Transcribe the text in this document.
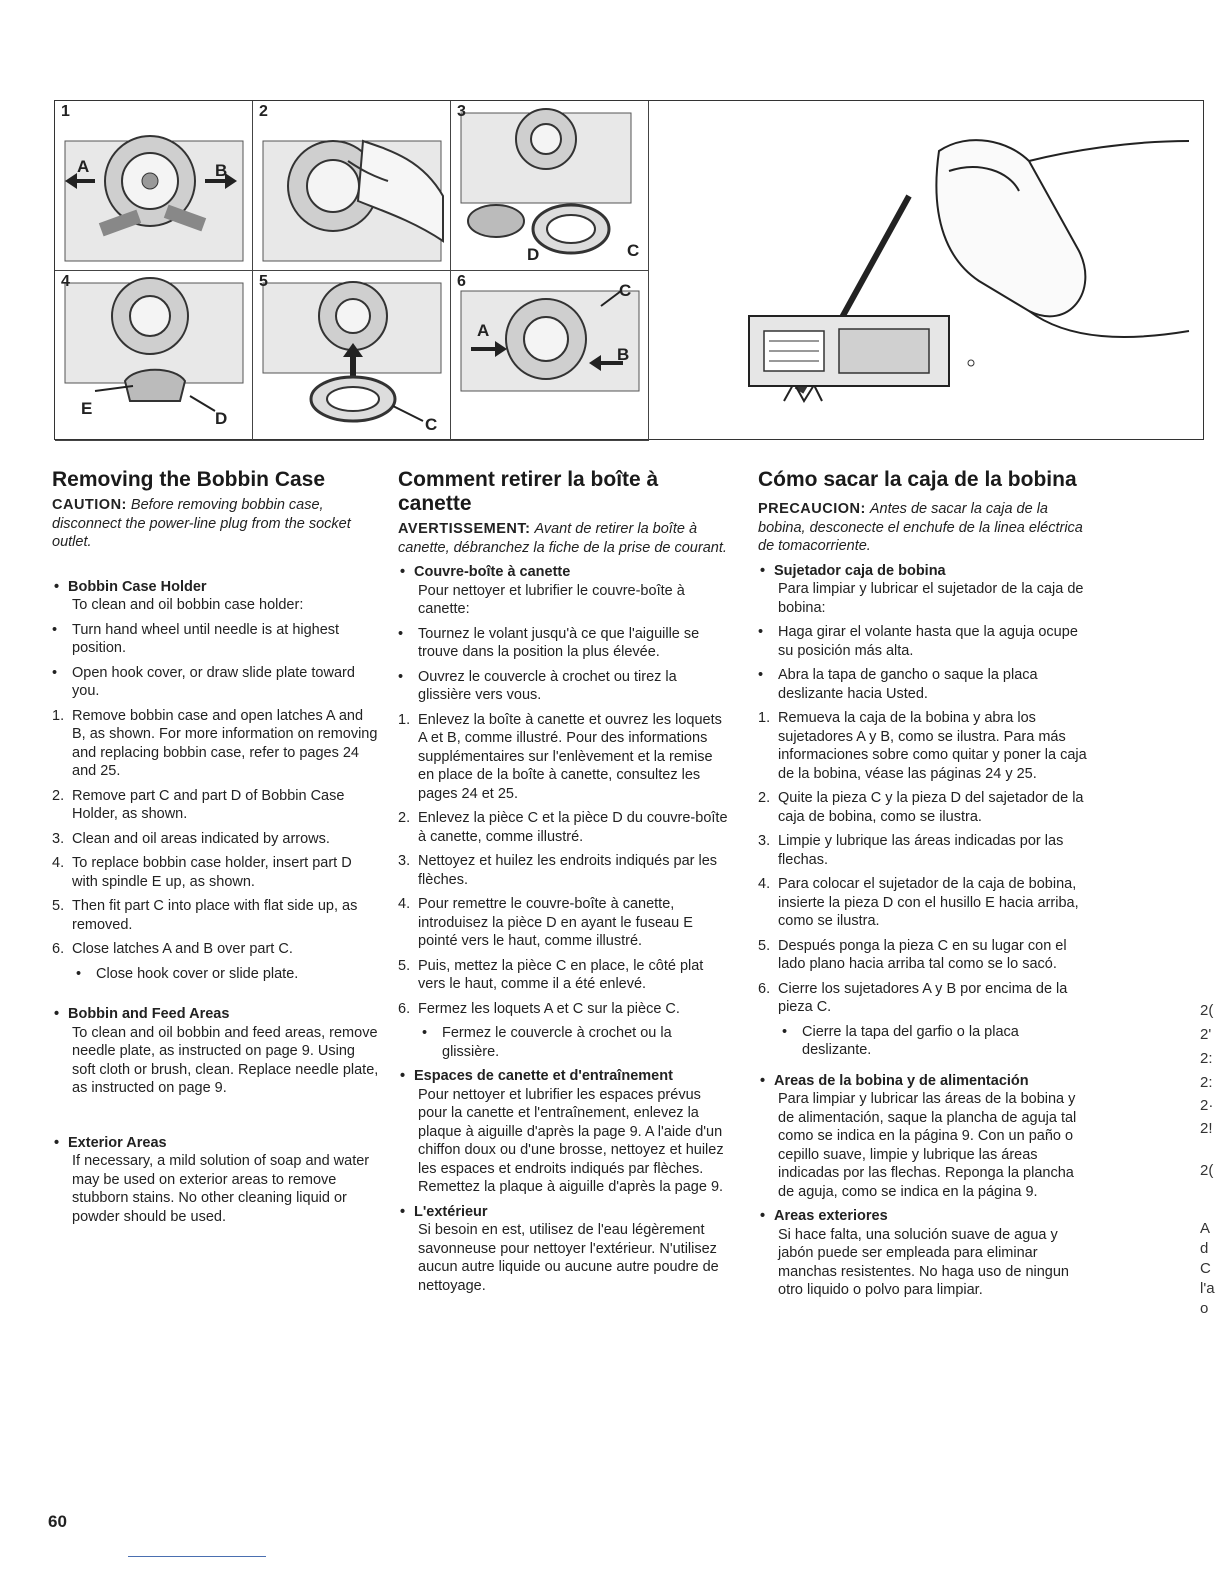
1
A	B
2	3
D	C
4
E
D
5
C
6	C
A
B
Removing the Bobbin Case
CAUTION: Before removing bobbin case, disconnect the power-line plug from the socket outlet.
• Bobbin Case Holder
To clean and oil bobbin case holder:
• Turn hand wheel until needle is at highest position.
• Open hook cover, or draw slide plate toward you.
1. Remove bobbin case and open latches A and B, as shown. For more information on removing and replacing bobbin case, refer to pages 24 and 25.
2. Remove part C and part D of Bobbin Case Holder, as shown.
3. Clean and oil areas indicated by arrows.
4. To replace bobbin case holder, insert part D with spindle E up, as shown.
5. Then fit part C into place with flat side up, as removed.
6. Close latches A and B over part C.
• Close hook cover or slide plate.
• Bobbin and Feed Areas
To clean and oil bobbin and feed areas, remove needle plate, as instructed on page 9. Using soft cloth or brush, clean. Replace needle plate, as instructed on page 9.
• Exterior Areas
If necessary, a mild solution of soap and water may be used on exterior areas to remove stubborn stains. No other cleaning liquid or powder should be used.
Comment retirer la boîte à canette
AVERTISSEMENT: Avant de retirer la boîte à canette, débranchez la fiche de la prise de courant.
• Couvre-boîte à canette
Pour nettoyer et lubrifier le couvre-boîte à canette:
• Tournez le volant jusqu'à ce que l'aiguille se trouve dans la position la plus élevée.
• Ouvrez le couvercle à crochet ou tirez la glissière vers vous.
1. Enlevez la boîte à canette et ouvrez les loquets A et B, comme illustré. Pour des informations supplémentaires sur l'enlèvement et la remise en place de la boîte à canette, consultez les pages 24 et 25.
2. Enlevez la pièce C et la pièce D du couvre-boîte à canette, comme illustré.
3. Nettoyez et huilez les endroits indiqués par les flèches.
4. Pour remettre le couvre-boîte à canette, introduisez la pièce D en ayant le fuseau E pointé vers le haut, comme illustré.
5. Puis, mettez la pièce C en place, le côté plat vers le haut, comme il a été enlevé.
6. Fermez les loquets A et C sur la pièce C.
• Fermez le couvercle à crochet ou la glissière.
• Espaces de canette et d'entraînement
Pour nettoyer et lubrifier les espaces prévus pour la canette et l'entraînement, enlevez la plaque à aiguille d'après la page 9. A l'aide d'un chiffon doux ou d'une brosse, nettoyez et huilez les espaces et endroits indiqués par flèches. Remettez la plaque à aiguille d'après la page 9.
• L'extérieur
Si besoin en est, utilisez de l'eau légèrement savonneuse pour nettoyer l'extérieur. N'utilisez aucun autre liquide ou aucune autre poudre de nettoyage.
Cómo sacar la caja de la bobina
PRECAUCION: Antes de sacar la caja de la bobina, desconecte el enchufe de la linea eléctrica de tomacorriente.
• Sujetador caja de bobina
Para limpiar y lubricar el sujetador de la caja de bobina:
• Haga girar el volante hasta que la aguja ocupe su posición más alta.
• Abra la tapa de gancho o saque la placa deslizante hacia Usted.
1. Remueva la caja de la bobina y abra los sujetadores A y B, como se ilustra. Para más informaciones sobre como quitar y poner la caja de la bobina, véase las páginas 24 y 25.
2. Quite la pieza C y la pieza D del sajetador de la caja de bobina, como se ilustra.
3. Limpie y lubrique las áreas indicadas por las flechas.
4. Para colocar el sujetador de la caja de bobina, insierte la pieza D con el husillo E hacia arriba, como se ilustra.
5. Después ponga la pieza C en su lugar con el lado plano hacia arriba tal como se lo sacó.
6. Cierre los sujetadores A y B por encima de la pieza C.
• Cierre la tapa del garfio o la placa deslizante.
• Areas de la bobina y de alimentación
Para limpiar y lubricar las áreas de la bobina y de alimentación, saque la plancha de aguja tal como se indica en la página 9. Con un paño o cepillo suave, limpie y lubrique las áreas indicadas por las flechas. Reponga la plancha de aguja, como se indica en la página 9.
• Areas exteriores
Si hace falta, una solución suave de agua y jabón puede ser empleada para eliminar manchas resistentes. No haga uso de ningun otro liquido o polvo para limpiar.
2(
2'
2:
2:
2·
2!
2(
A
d
C
l'a
o
60
